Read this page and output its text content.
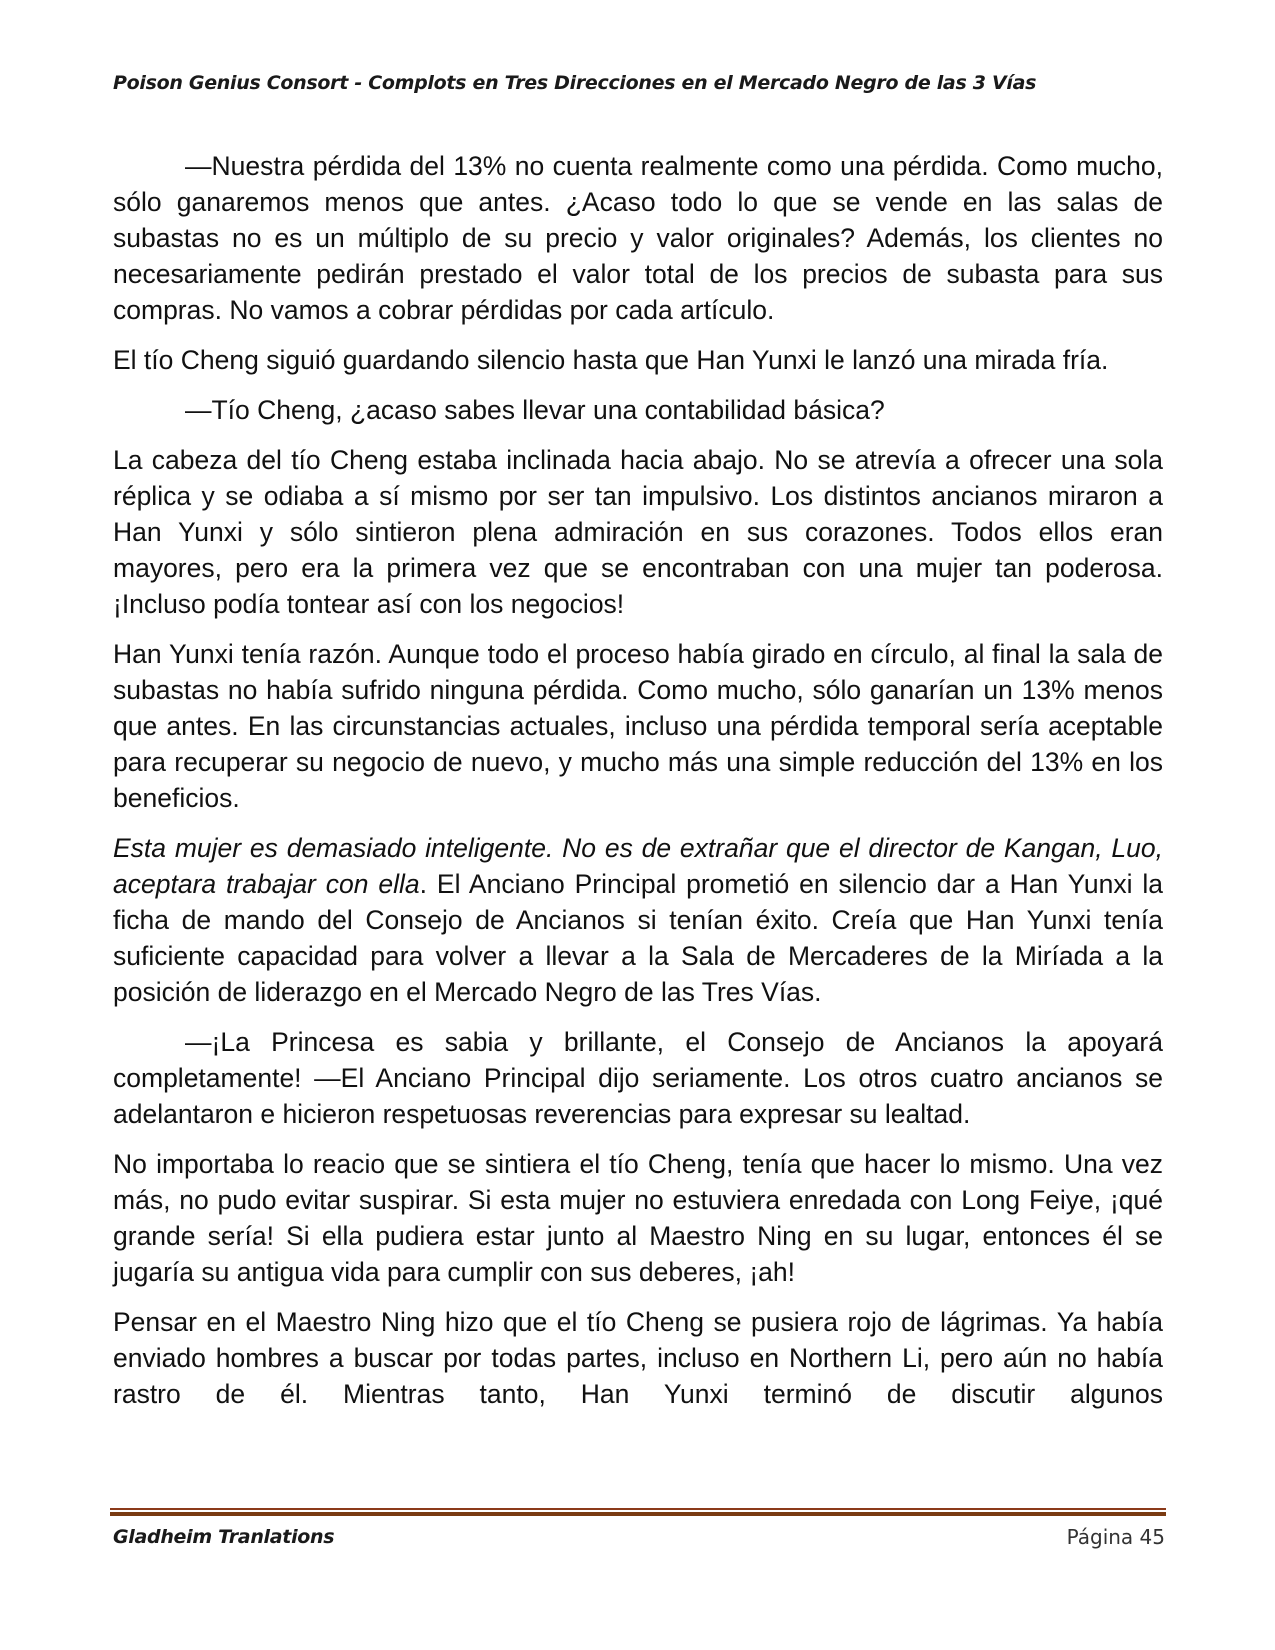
Poison Genius Consort - Complots en Tres Direcciones en el Mercado Negro de las 3 Vías

—Nuestra pérdida del 13% no cuenta realmente como una pérdida. Como mucho, sólo ganaremos menos que antes. ¿Acaso todo lo que se vende en las salas de subastas no es un múltiplo de su precio y valor originales? Además, los clientes no necesariamente pedirán prestado el valor total de los precios de subasta para sus compras. No vamos a cobrar pérdidas por cada artículo.

El tío Cheng siguió guardando silencio hasta que Han Yunxi le lanzó una mirada fría.

—Tío Cheng, ¿acaso sabes llevar una contabilidad básica?

La cabeza del tío Cheng estaba inclinada hacia abajo. No se atrevía a ofrecer una sola réplica y se odiaba a sí mismo por ser tan impulsivo. Los distintos ancianos miraron a Han Yunxi y sólo sintieron plena admiración en sus corazones. Todos ellos eran mayores, pero era la primera vez que se encontraban con una mujer tan poderosa. ¡Incluso podía tontear así con los negocios!

Han Yunxi tenía razón. Aunque todo el proceso había girado en círculo, al final la sala de subastas no había sufrido ninguna pérdida. Como mucho, sólo ganarían un 13% menos que antes. En las circunstancias actuales, incluso una pérdida temporal sería aceptable para recuperar su negocio de nuevo, y mucho más una simple reducción del 13% en los beneficios.

Esta mujer es demasiado inteligente. No es de extrañar que el director de Kangan, Luo, aceptara trabajar con ella. El Anciano Principal prometió en silencio dar a Han Yunxi la ficha de mando del Consejo de Ancianos si tenían éxito. Creía que Han Yunxi tenía suficiente capacidad para volver a llevar a la Sala de Mercaderes de la Miríada a la posición de liderazgo en el Mercado Negro de las Tres Vías.

—¡La Princesa es sabia y brillante, el Consejo de Ancianos la apoyará completamente! —El Anciano Principal dijo seriamente. Los otros cuatro ancianos se adelantaron e hicieron respetuosas reverencias para expresar su lealtad.

No importaba lo reacio que se sintiera el tío Cheng, tenía que hacer lo mismo. Una vez más, no pudo evitar suspirar. Si esta mujer no estuviera enredada con Long Feiye, ¡qué grande sería! Si ella pudiera estar junto al Maestro Ning en su lugar, entonces él se jugaría su antigua vida para cumplir con sus deberes, ¡ah!

Pensar en el Maestro Ning hizo que el tío Cheng se pusiera rojo de lágrimas. Ya había enviado hombres a buscar por todas partes, incluso en Northern Li, pero aún no había rastro de él. Mientras tanto, Han Yunxi terminó de discutir algunos

Gladheim Tranlations	Página 45
